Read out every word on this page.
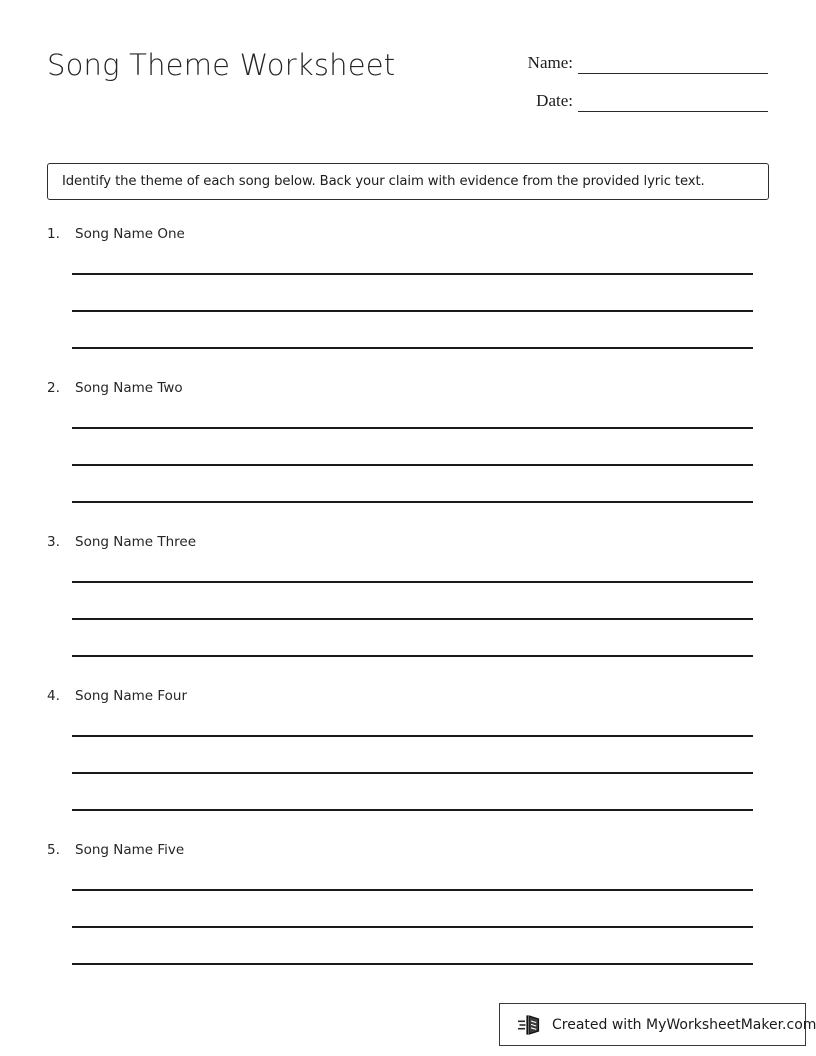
Song Theme Worksheet	Name:
Date:
Identify the theme of each song below. Back your claim with evidence from the provided lyric text.
1.	Song Name One
2.	Song Name Two
3.	Song Name Three
4.	Song Name Four
5.	Song Name Five
Created with MyWorksheetMaker.com
